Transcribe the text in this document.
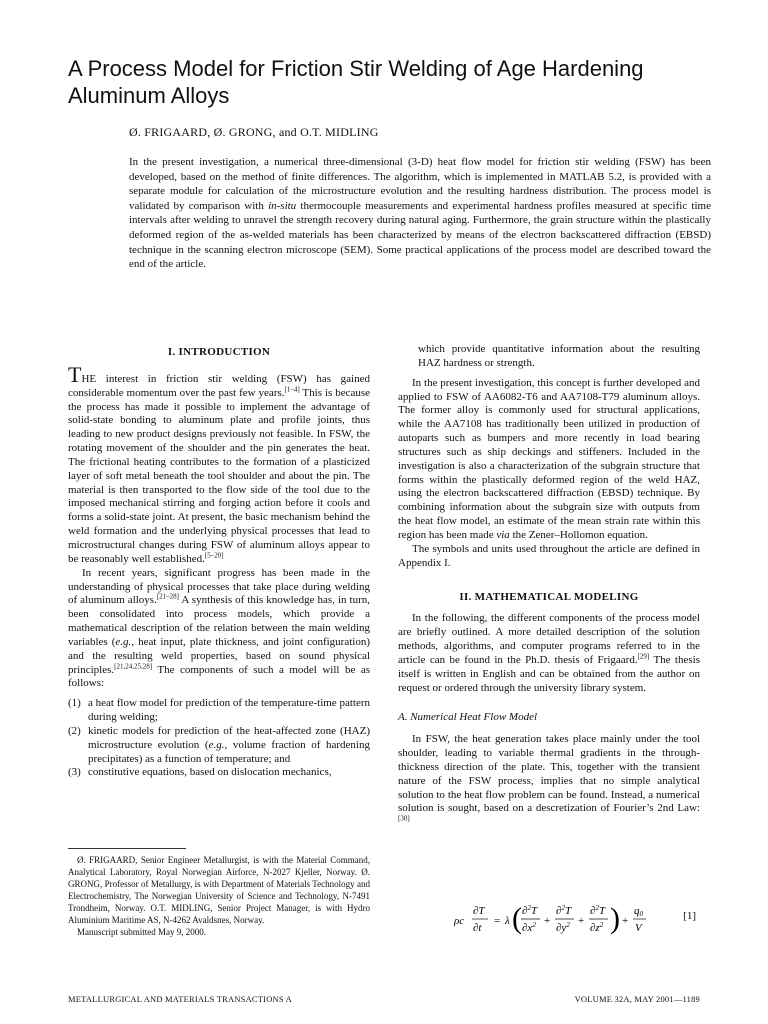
A Process Model for Friction Stir Welding of Age Hardening Aluminum Alloys
Ø. FRIGAARD, Ø. GRONG, and O.T. MIDLING

In the present investigation, a numerical three-dimensional (3-D) heat flow model for friction stir welding (FSW) has been developed, based on the method of finite differences. The algorithm, which is implemented in MATLAB 5.2, is provided with a separate module for calculation of the microstructure evolution and the resulting hardness distribution. The process model is validated by comparison with in-situ thermocouple measurements and experimental hardness profiles measured at specific time intervals after welding to unravel the strength recovery during natural aging. Furthermore, the grain structure within the plastically deformed region of the as-welded materials has been characterized by means of the electron backscattered diffraction (EBSD) technique in the scanning electron microscope (SEM). Some practical applications of the process model are described toward the end of the article.

I. INTRODUCTION

THE interest in friction stir welding (FSW) has gained considerable momentum over the past few years.[1–4] This is because the process has made it possible to implement the advantage of solid-state bonding to aluminum plate and profile joints, thus leading to new product designs previously not feasible. In FSW, the rotating movement of the shoulder and the pin generates the heat. The frictional heating contributes to the formation of a plasticized layer of soft metal beneath the tool shoulder and about the pin. The material is then transported to the flow side of the tool due to the imposed mechanical stirring and forging action before it cools and forms a solid-state joint. At present, the basic mechanism behind the weld formation and the underlying physical processes that lead to microstructural changes during FSW of aluminum alloys appear to be reasonably well established.[5–20]

In recent years, significant progress has been made in the understanding of physical processes that take place during welding of aluminum alloys.[21–28] A synthesis of this knowledge has, in turn, been consolidated into process models, which provide a mathematical description of the relation between the main welding variables (e.g., heat input, plate thickness, and joint configuration) and the resulting weld properties, based on sound physical principles.[21,24,25,28] The components of such a model will be as follows:

(1) a heat flow model for prediction of the temperature-time pattern during welding;
(2) kinetic models for prediction of the heat-affected zone (HAZ) microstructure evolution (e.g., volume fraction of hardening precipitates) as a function of temperature; and
(3) constitutive equations, based on dislocation mechanics,

Ø. FRIGAARD, Senior Engineer Metallurgist, is with the Material Command, Analytical Laboratory, Royal Norwegian Airforce, N-2027 Kjeller, Norway. Ø. GRONG, Professor of Metallurgy, is with Department of Materials Technology and Electrochemistry, The Norwegian University of Science and Technology, N-7491 Trondheim, Norway. O.T. MIDLING, Senior Project Manager, is with Hydro Aluminium Maritime AS, N-4262 Avaldsnes, Norway.

Manuscript submitted May 9, 2000.

which provide quantitative information about the resulting HAZ hardness or strength.

In the present investigation, this concept is further developed and applied to FSW of AA6082-T6 and AA7108-T79 aluminum alloys. The former alloy is commonly used for structural applications, while the AA7108 has traditionally been utilized in production of autoparts such as bumpers and more recently in load bearing structures such as ship deckings and stiffeners. Included in the investigation is also a characterization of the subgrain structure that forms within the plastically deformed region of the weld HAZ, using the electron backscattered diffraction (EBSD) technique. By combining information about the subgrain size with outputs from the heat flow model, an estimate of the mean strain rate within this region has been made via the Zener–Hollomon equation.

The symbols and units used throughout the article are defined in Appendix I.

II. MATHEMATICAL MODELING

In the following, the different components of the process model are briefly outlined. A more detailed description of the solution methods, algorithms, and computer programs referred to in the article can be found in the Ph.D. thesis of Frigaard.[29] The thesis itself is written in English and can be obtained from the author on request or ordered through the university library system.

A. Numerical Heat Flow Model

In FSW, the heat generation takes place mainly under the tool shoulder, leading to variable thermal gradients in the through-thickness direction of the plate. This, together with the transient nature of the FSW process, implies that no simple analytical solution to the heat flow problem can be found. Instead, a numerical solution is sought, based on a descretization of Fourier’s 2nd Law:[30]

ρc
∂T
∂t
= λ ( ∂$^2$T
$\partial x^2$ +
∂$^2$T
$\partial y^2$ +
∂$^2$T
$\partial z^2$ ) +
q0
V
[1]
METALLURGICAL AND MATERIALS TRANSACTIONS A	VOLUME 32A, MAY 2001—1189
